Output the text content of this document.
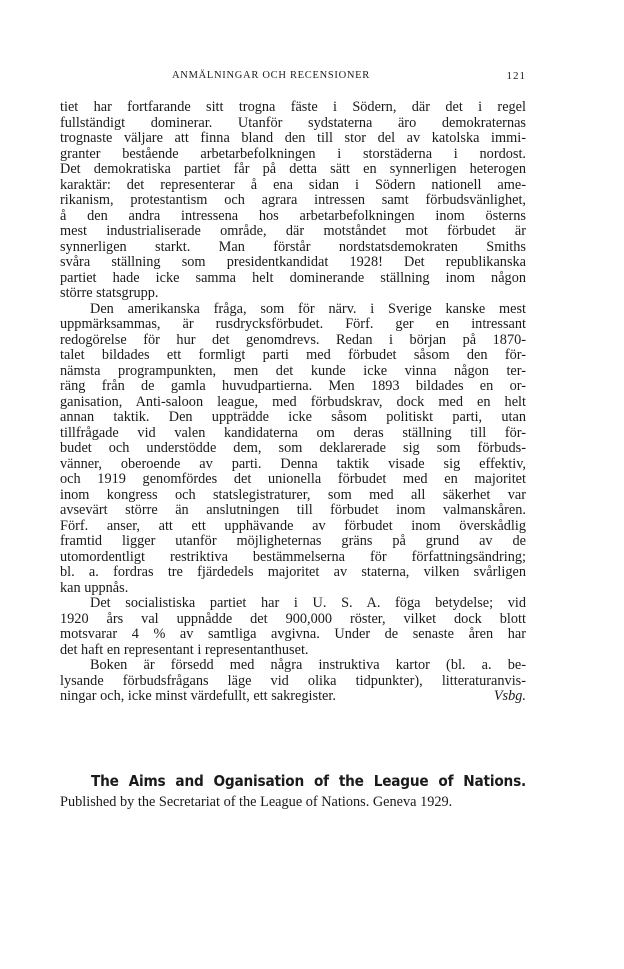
ANMÄLNINGAR OCH RECENSIONER	121
tiet har fortfarande sitt trogna fäste i Södern, där det i regel
fullständigt dominerar. Utanför sydstaterna äro demokraternas
trognaste väljare att finna bland den till stor del av katolska immi-
granter bestående arbetarbefolkningen i storstäderna i nordost.
Det demokratiska partiet får på detta sätt en synnerligen heterogen
karaktär: det representerar å ena sidan i Södern nationell ame-
rikanism, protestantism och agrara intressen samt förbudsvänlighet,
å den andra intressena hos arbetarbefolkningen inom österns
mest industrialiserade område, där motståndet mot förbudet är
synnerligen starkt. Man förstår nordstatsdemokraten Smiths
svåra ställning som presidentkandidat 1928! Det republikanska
partiet hade icke samma helt dominerande ställning inom någon
större statsgrupp.
Den amerikanska fråga, som för närv. i Sverige kanske mest
uppmärksammas, är rusdrycksförbudet. Förf. ger en intressant
redogörelse för hur det genomdrevs. Redan i början på 1870-
talet bildades ett formligt parti med förbudet såsom den för-
nämsta programpunkten, men det kunde icke vinna någon ter-
räng från de gamla huvudpartierna. Men 1893 bildades en or-
ganisation, Anti-saloon league, med förbudskrav, dock med en helt
annan taktik. Den uppträdde icke såsom politiskt parti, utan
tillfrågade vid valen kandidaterna om deras ställning till för-
budet och understödde dem, som deklarerade sig som förbuds-
vänner, oberoende av parti. Denna taktik visade sig effektiv,
och 1919 genomfördes det unionella förbudet med en majoritet
inom kongress och statslegistraturer, som med all säkerhet var
avsevärt större än anslutningen till förbudet inom valmanskåren.
Förf. anser, att ett upphävande av förbudet inom överskådlig
framtid ligger utanför möjligheternas gräns på grund av de
utomordentligt restriktiva bestämmelserna för författningsändring;
bl. a. fordras tre fjärdedels majoritet av staterna, vilken svårligen
kan uppnås.
Det socialistiska partiet har i U. S. A. föga betydelse; vid
1920 års val uppnådde det 900,000 röster, vilket dock blott
motsvarar 4 % av samtliga avgivna. Under de senaste åren har
det haft en representant i representanthuset.
Boken är försedd med några instruktiva kartor (bl. a. be-
lysande förbudsfrågans läge vid olika tidpunkter), litteraturanvis-
ningar och, icke minst värdefullt, ett sakregister.	Vsbg.
The Aims and Oganisation of the League of Nations.
Published by the Secretariat of the League of Nations. Geneva 1929.
